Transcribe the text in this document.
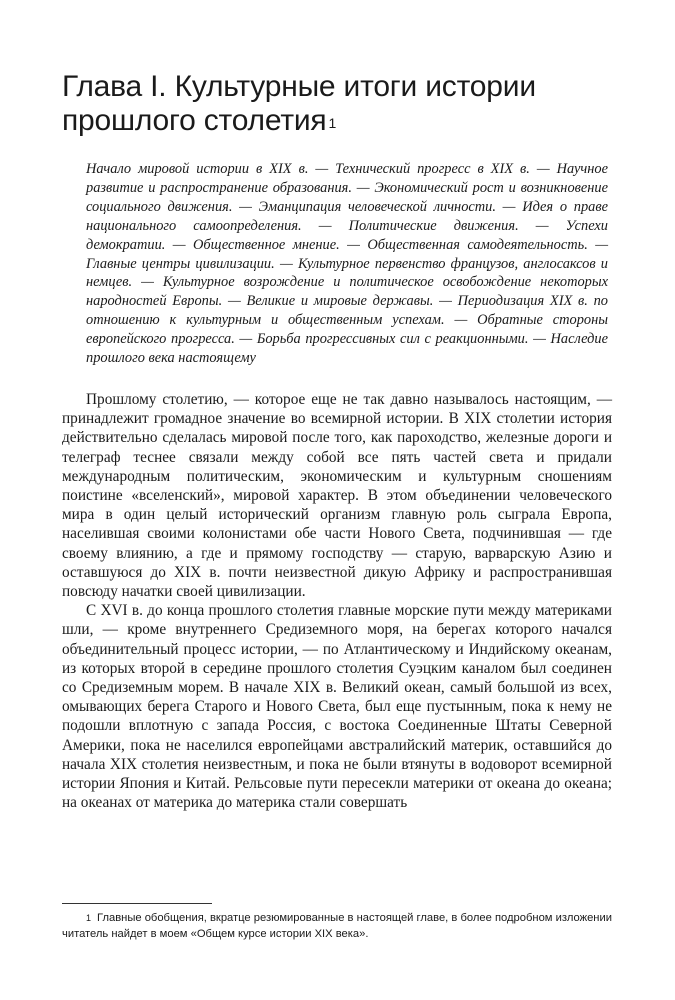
Глава I. Культурные итоги истории прошлого столетия $^1$
Начало мировой истории в XIX в. — Технический прогресс в XIX в. — Научное развитие и распространение образования. — Экономический рост и возникновение социального движения. — Эманципация человеческой личности. — Идея о праве национального самоопределения. — Политические движения. — Успехи демократии. — Общественное мнение. — Общественная самодеятельность. — Главные центры цивилизации. — Культурное первенство французов, англосаксов и немцев. — Культурное возрождение и политическое освобождение некоторых народностей Европы. — Великие и мировые державы. — Периодизация XIX в. по отношению к культурным и общественным успехам. — Обратные стороны европейского прогресса. — Борьба прогрессивных сил с реакционными. — Наследие прошлого века настоящему

Прошлому столетию, — которое еще не так давно называлось настоящим, — принадлежит громадное значение во всемирной истории. В XIX столетии история действительно сделалась мировой после того, как пароходство, железные дороги и телеграф теснее связали между собой все пять частей света и придали международным политическим, экономическим и культурным сношениям поистине «вселенский», мировой характер. В этом объединении человеческого мира в один целый исторический организм главную роль сыграла Европа, населившая своими колонистами обе части Нового Света, подчинившая — где своему влиянию, а где и прямому господству — старую, варварскую Азию и оставшуюся до XIX в. почти неизвестной дикую Африку и распространившая повсюду начатки своей цивилизации.

С XVI в. до конца прошлого столетия главные морские пути между материками шли, — кроме внутреннего Средиземного моря, на берегах которого начался объединительный процесс истории, — по Атлантическому и Индийскому океанам, из которых второй в середине прошлого столетия Суэцким каналом был соединен со Средиземным морем. В начале XIX в. Великий океан, самый большой из всех, омывающих берега Старого и Нового Света, был еще пустынным, пока к нему не подошли вплотную с запада Россия, с востока Соединенные Штаты Северной Америки, пока не населился европейцами австралийский материк, оставшийся до начала XIX столетия неизвестным, и пока не были втянуты в водоворот всемирной истории Япония и Китай. Рельсовые пути пересекли материки от океана до океана; на океанах от материка до материка стали совершать

$^1$ Главные обобщения, вкратце резюмированные в настоящей главе, в более подробном изложении читатель найдет в моем «Общем курсе истории XIX века».
